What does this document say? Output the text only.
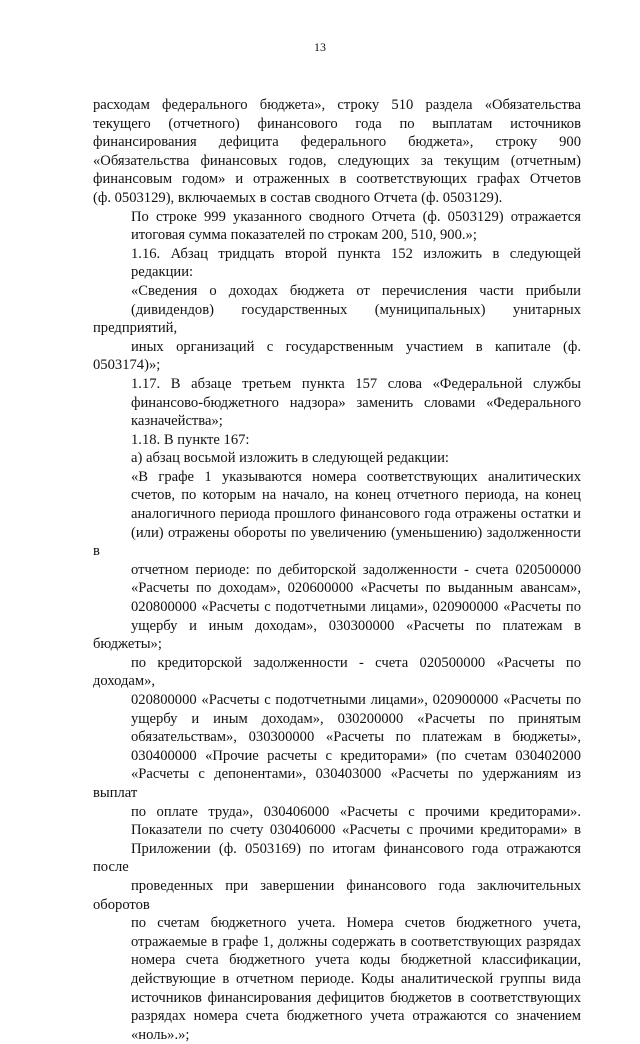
13

расходам федерального бюджета», строку 510 раздела «Обязательства
текущего (отчетного) финансового года по выплатам источников
финансирования дефицита федерального бюджета», строку 900
«Обязательства финансовых годов, следующих за текущим (отчетным)
финансовым годом» и отраженных в соответствующих графах Отчетов
(ф. 0503129), включаемых в состав сводного Отчета (ф. 0503129).

По строке 999 указанного сводного Отчета (ф. 0503129) отражается
итоговая сумма показателей по строкам 200, 510, 900.»;

1.16. Абзац тридцать второй пункта 152 изложить в следующей
редакции:

«Сведения о доходах бюджета от перечисления части прибыли
(дивидендов) государственных (муниципальных) унитарных предприятий,
иных организаций с государственным участием в капитале (ф. 0503174)»;

1.17. В абзаце третьем пункта 157 слова «Федеральной службы
финансово-бюджетного надзора» заменить словами «Федерального
казначейства»;

1.18. В пункте 167:

а) абзац восьмой изложить в следующей редакции:

«В графе 1 указываются номера соответствующих аналитических
счетов, по которым на начало, на конец отчетного периода, на конец
аналогичного периода прошлого финансового года отражены остатки и
(или) отражены обороты по увеличению (уменьшению) задолженности в
отчетном периоде: по дебиторской задолженности - счета 020500000
«Расчеты по доходам», 020600000 «Расчеты по выданным авансам»,
020800000 «Расчеты с подотчетными лицами», 020900000 «Расчеты по
ущербу и иным доходам», 030300000 «Расчеты по платежам в бюджеты»;
по кредиторской задолженности - счета 020500000 «Расчеты по доходам»,
020800000 «Расчеты с подотчетными лицами», 020900000 «Расчеты по
ущербу и иным доходам», 030200000 «Расчеты по принятым
обязательствам», 030300000 «Расчеты по платежам в бюджеты»,
030400000 «Прочие расчеты с кредиторами» (по счетам 030402000
«Расчеты с депонентами», 030403000 «Расчеты по удержаниям из выплат
по оплате труда», 030406000 «Расчеты с прочими кредиторами».
Показатели по счету 030406000 «Расчеты с прочими кредиторами» в
Приложении (ф. 0503169) по итогам финансового года отражаются после
проведенных при завершении финансового года заключительных оборотов
по счетам бюджетного учета. Номера счетов бюджетного учета,
отражаемые в графе 1, должны содержать в соответствующих разрядах
номера счета бюджетного учета коды бюджетной классификации,
действующие в отчетном периоде. Коды аналитической группы вида
источников финансирования дефицитов бюджетов в соответствующих
разрядах номера счета бюджетного учета отражаются со значением
«ноль».»;
